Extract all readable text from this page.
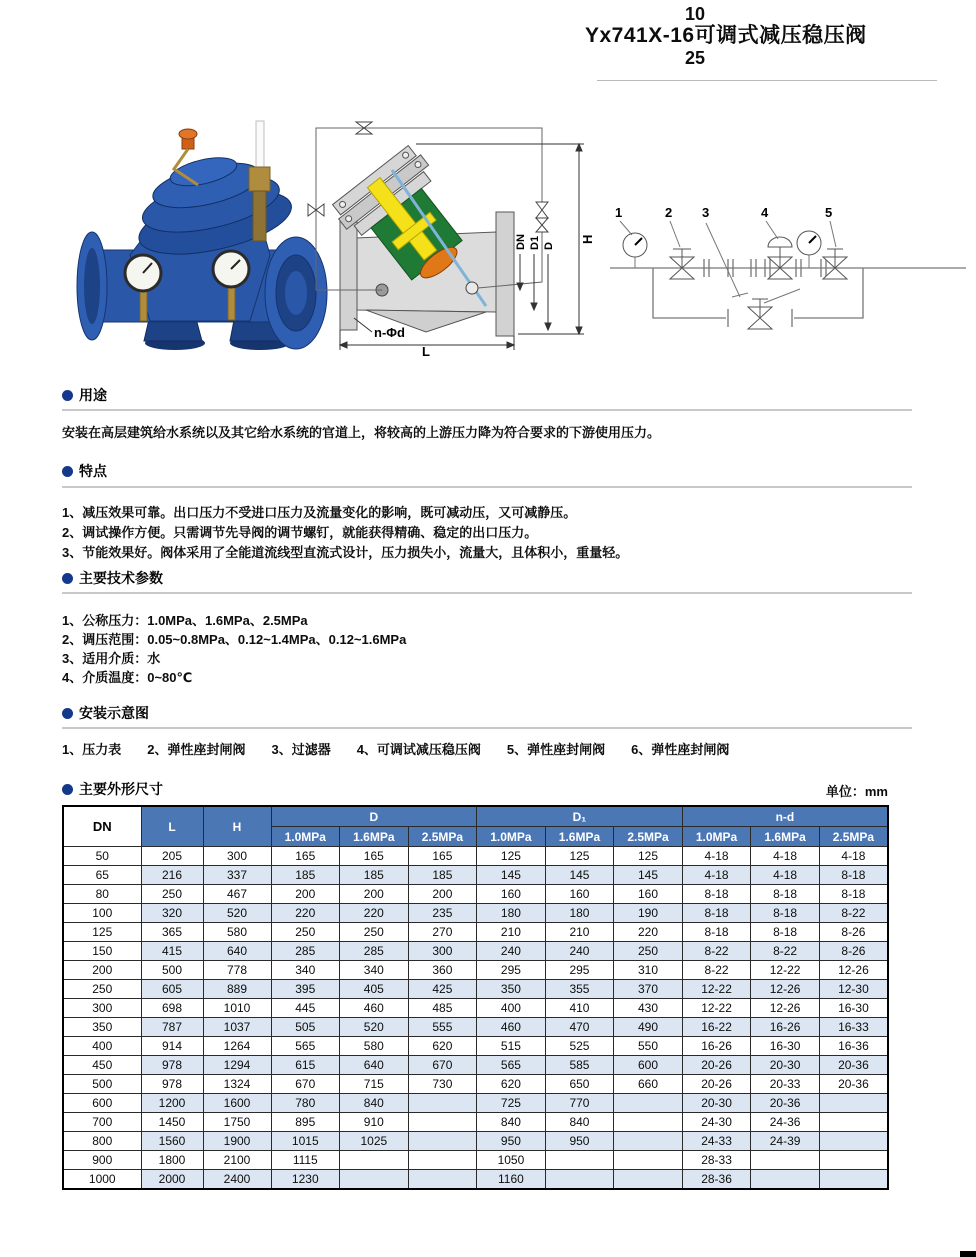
10
Yx741X-16可调式减压稳压阀
25
H
L
DN D1 D
n-Φd
1	2 3	4	5
用途
安装在高层建筑给水系统以及其它给水系统的官道上，将较高的上游压力降为符合要求的下游使用压力。
特点
1、减压效果可靠。出口压力不受进口压力及流量变化的影响，既可减动压，又可减静压。
2、调试操作方便。只需调节先导阀的调节螺钉，就能获得精确、稳定的出口压力。
3、节能效果好。阀体采用了全能道流线型直流式设计，压力损失小，流量大，且体积小，重量轻。
主要技术参数
1、公称压力：1.0MPa、1.6MPa、2.5MPa
2、调压范围：0.05~0.8MPa、0.12~1.4MPa、0.12~1.6MPa
3、适用介质：水
4、介质温度：0~80℃
安装示意图
1、压力表　　2、弹性座封闸阀　　3、过滤器　　4、可调试减压稳压阀　　5、弹性座封闸阀　　6、弹性座封闸阀
主要外形尺寸	单位：mm
DN	L	H	D			D₁			n-d		
			1.0MPa	1.6MPa	2.5MPa	1.0MPa	1.6MPa	2.5MPa	1.0MPa	1.6MPa	2.5MPa
50	205	300	165	165	165	125	125	125	4-18	4-18	4-18
65	216	337	185	185	185	145	145	145	4-18	4-18	8-18
80	250	467	200	200	200	160	160	160	8-18	8-18	8-18
100	320	520	220	220	235	180	180	190	8-18	8-18	8-22
125	365	580	250	250	270	210	210	220	8-18	8-18	8-26
150	415	640	285	285	300	240	240	250	8-22	8-22	8-26
200	500	778	340	340	360	295	295	310	8-22	12-22	12-26
250	605	889	395	405	425	350	355	370	12-22	12-26	12-30
300	698	1010	445	460	485	400	410	430	12-22	12-26	16-30
350	787	1037	505	520	555	460	470	490	16-22	16-26	16-33
400	914	1264	565	580	620	515	525	550	16-26	16-30	16-36
450	978	1294	615	640	670	565	585	600	20-26	20-30	20-36
500	978	1324	670	715	730	620	650	660	20-26	20-33	20-36
600	1200	1600	780	840		725	770		20-30	20-36	
700	1450	1750	895	910		840	840		24-30	24-36	
800	1560	1900	1015	1025		950	950		24-33	24-39	
900	1800	2100	1115			1050			28-33		
1000	2000	2400	1230			1160			28-36		
